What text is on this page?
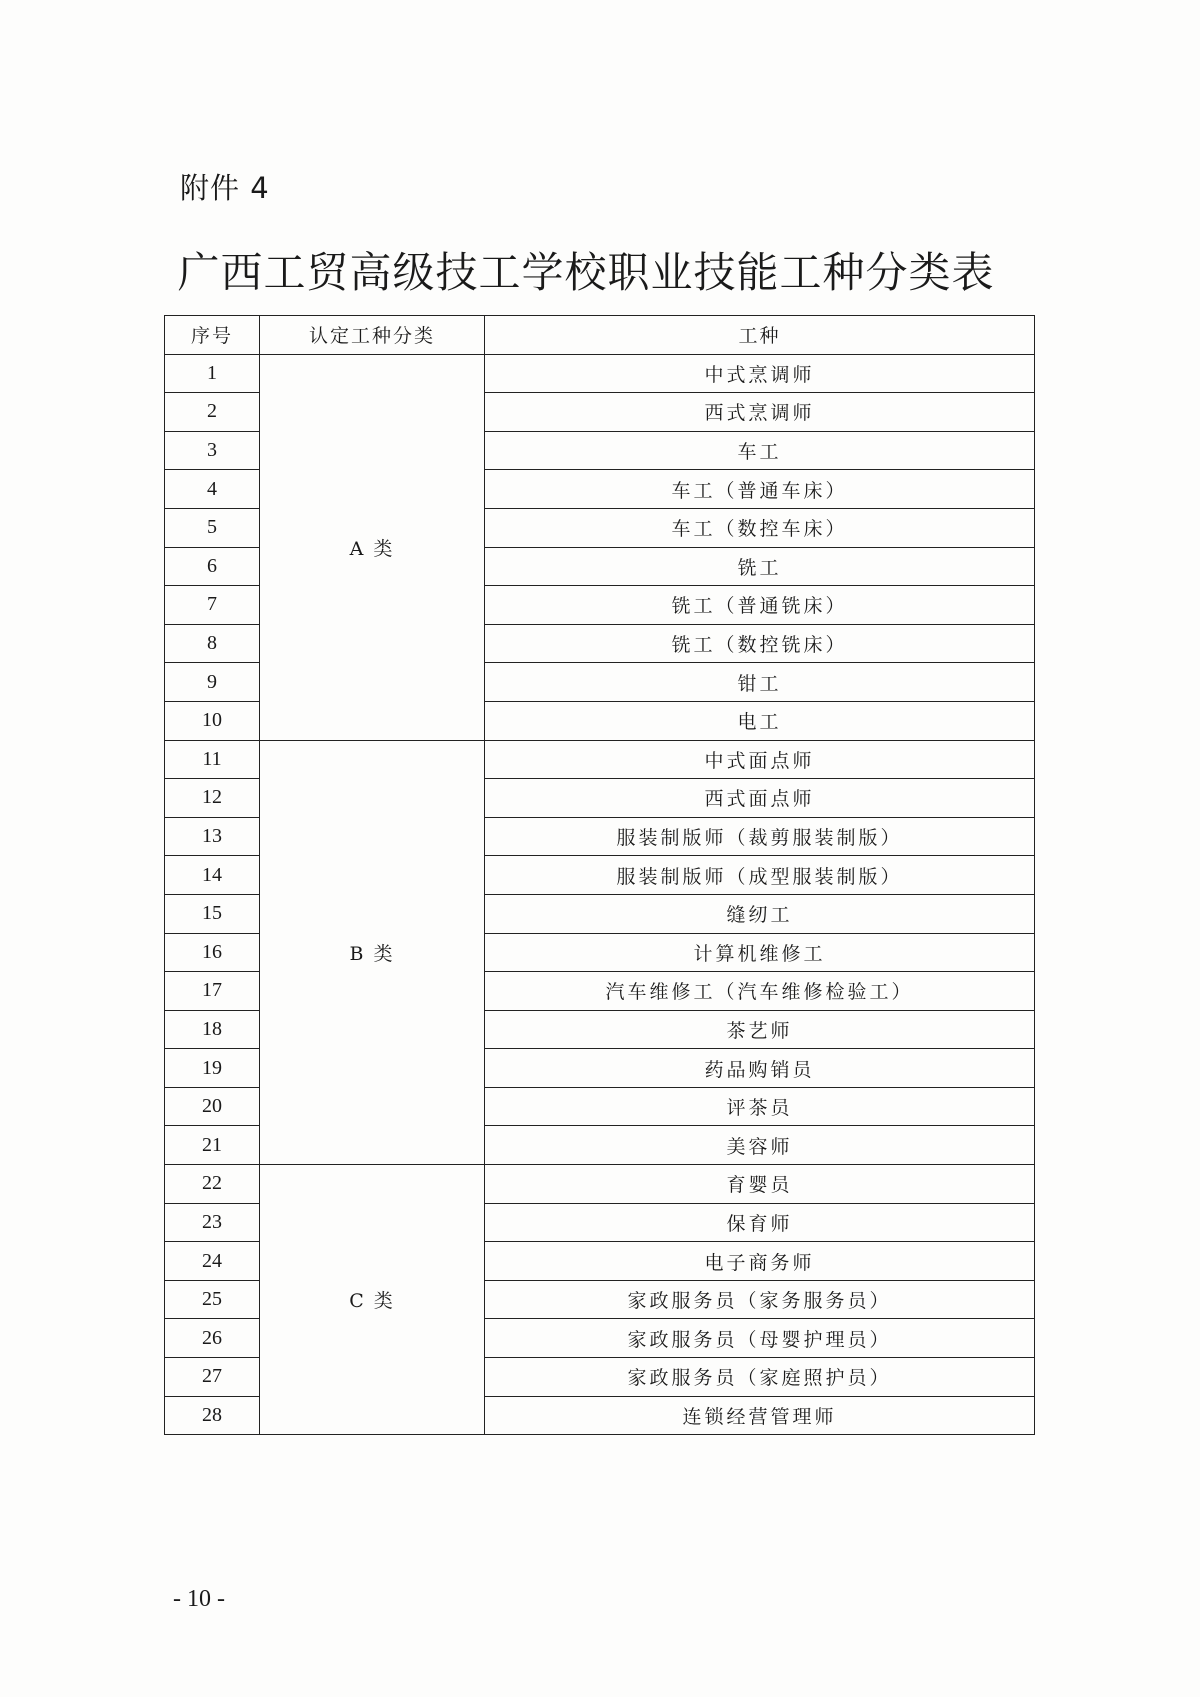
附件 4
广西工贸高级技工学校职业技能工种分类表
序号	认定工种分类	工种
1	A 类	中式烹调师
2		西式烹调师
3		车工
4		车工（普通车床）
5		车工（数控车床）
6		铣工
7		铣工（普通铣床）
8		铣工（数控铣床）
9		钳工
10		电工
11	B 类	中式面点师
12		西式面点师
13		服装制版师（裁剪服装制版）
14		服装制版师（成型服装制版）
15		缝纫工
16		计算机维修工
17		汽车维修工（汽车维修检验工）
18		茶艺师
19		药品购销员
20		评茶员
21		美容师
22	C 类	育婴员
23		保育师
24		电子商务师
25		家政服务员（家务服务员）
26		家政服务员（母婴护理员）
27		家政服务员（家庭照护员）
28		连锁经营管理师
- 10 -
